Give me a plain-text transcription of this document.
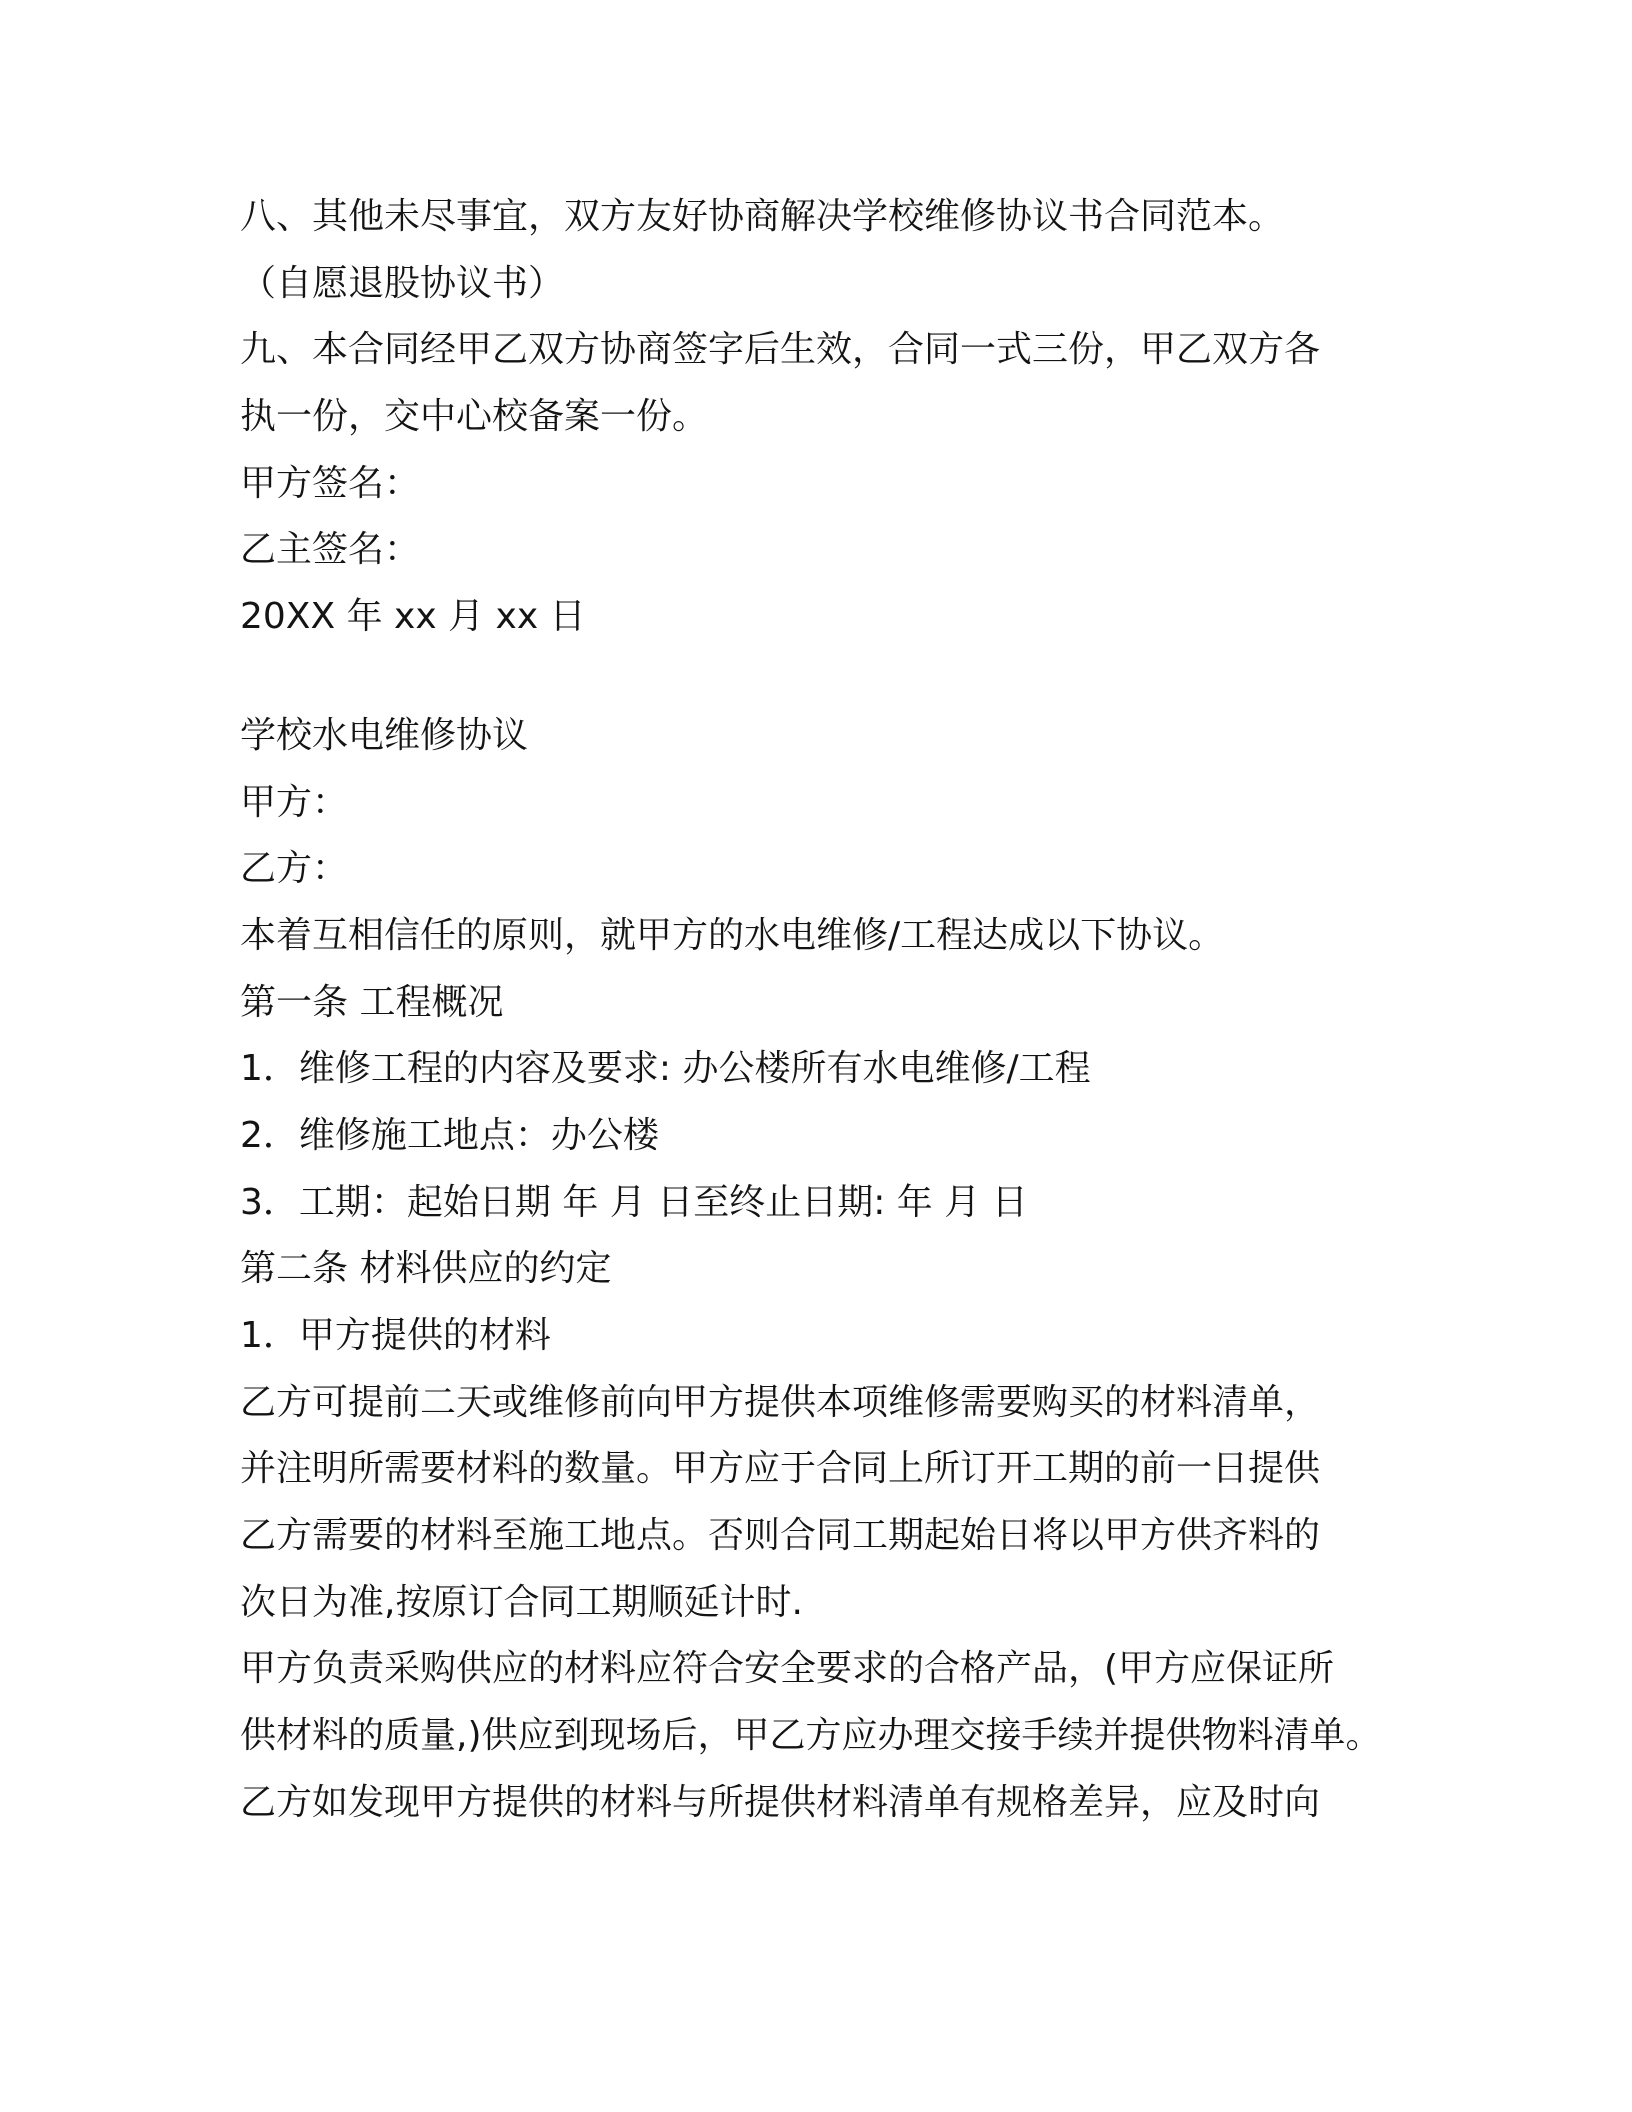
八、其他未尽事宜，双方友好协商解决学校维修协议书合同范本。
（自愿退股协议书）
九、本合同经甲乙双方协商签字后生效，合同一式三份，甲乙双方各
执一份，交中心校备案一份。
甲方签名：
乙主签名：
20XX 年 xx 月 xx 日
学校水电维修协议
甲方：
乙方：
本着互相信任的原则，就甲方的水电维修/工程达成以下协议。
第一条 工程概况
1．维修工程的内容及要求: 办公楼所有水电维修/工程
2．维修施工地点：办公楼
3．工期：起始日期 年 月 日至终止日期: 年 月 日
第二条 材料供应的约定
1．甲方提供的材料
乙方可提前二天或维修前向甲方提供本项维修需要购买的材料清单，
并注明所需要材料的数量。甲方应于合同上所订开工期的前一日提供
乙方需要的材料至施工地点。否则合同工期起始日将以甲方供齐料的
次日为准,按原订合同工期顺延计时.
甲方负责采购供应的材料应符合安全要求的合格产品，(甲方应保证所
供材料的质量,)供应到现场后，甲乙方应办理交接手续并提供物料清单。
乙方如发现甲方提供的材料与所提供材料清单有规格差异，应及时向
